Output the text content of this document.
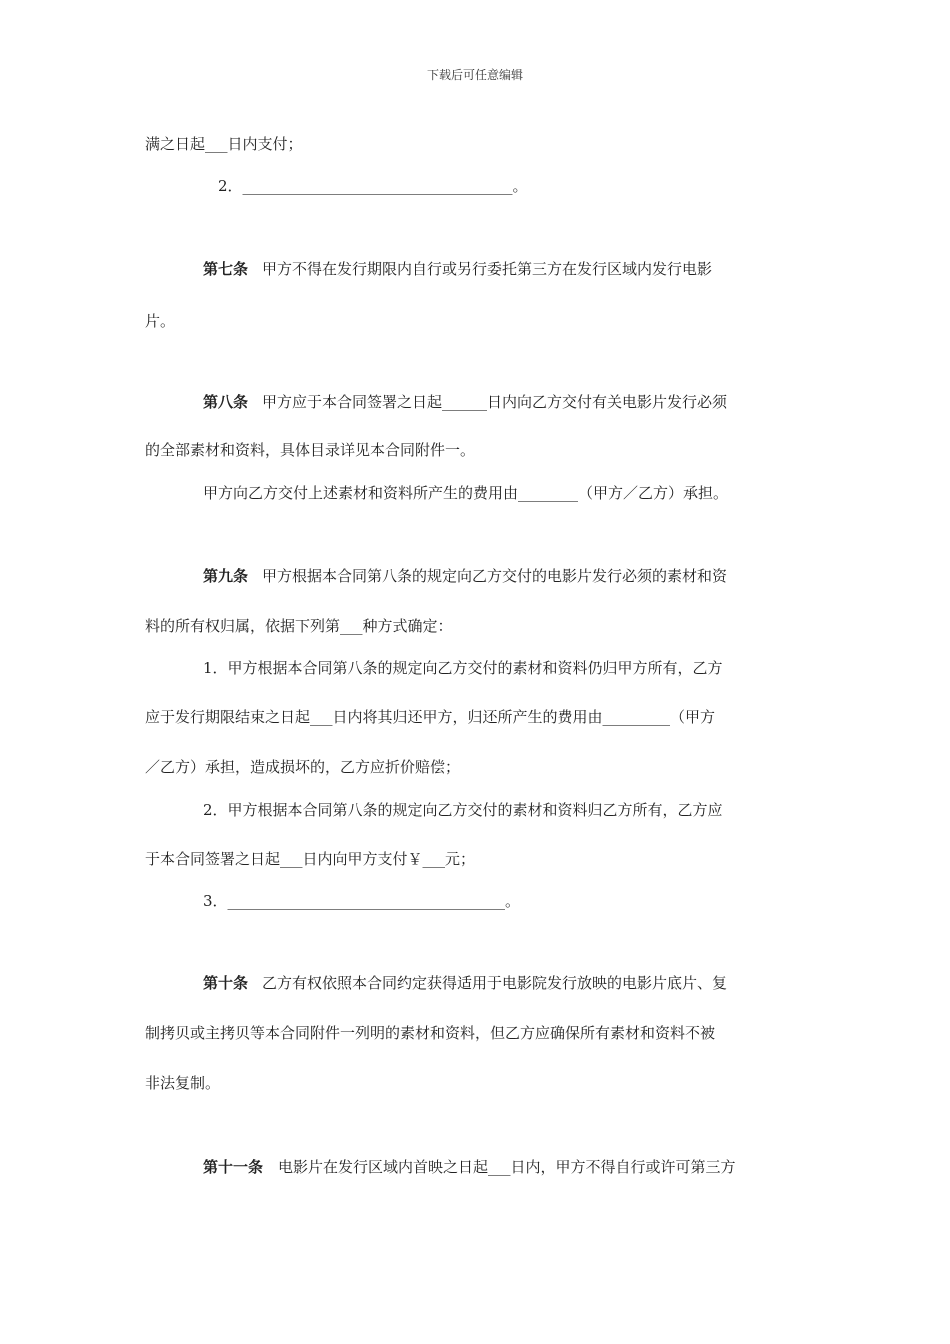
下载后可任意编辑
满之日起___日内支付；
2．____________________________________。
第七条 甲方不得在发行期限内自行或另行委托第三方在发行区域内发行电影
片。
第八条 甲方应于本合同签署之日起______日内向乙方交付有关电影片发行必须
的全部素材和资料，具体目录详见本合同附件一。
甲方向乙方交付上述素材和资料所产生的费用由________（甲方／乙方）承担。
第九条 甲方根据本合同第八条的规定向乙方交付的电影片发行必须的素材和资
料的所有权归属，依据下列第___种方式确定：
1．甲方根据本合同第八条的规定向乙方交付的素材和资料仍归甲方所有，乙方
应于发行期限结束之日起___日内将其归还甲方，归还所产生的费用由_________（甲方
／乙方）承担，造成损坏的，乙方应折价赔偿；
2．甲方根据本合同第八条的规定向乙方交付的素材和资料归乙方所有，乙方应
于本合同签署之日起___日内向甲方支付￥___元；
3．_____________________________________。
第十条 乙方有权依照本合同约定获得适用于电影院发行放映的电影片底片、复
制拷贝或主拷贝等本合同附件一列明的素材和资料，但乙方应确保所有素材和资料不被
非法复制。
第十一条 电影片在发行区域内首映之日起___日内，甲方不得自行或许可第三方
